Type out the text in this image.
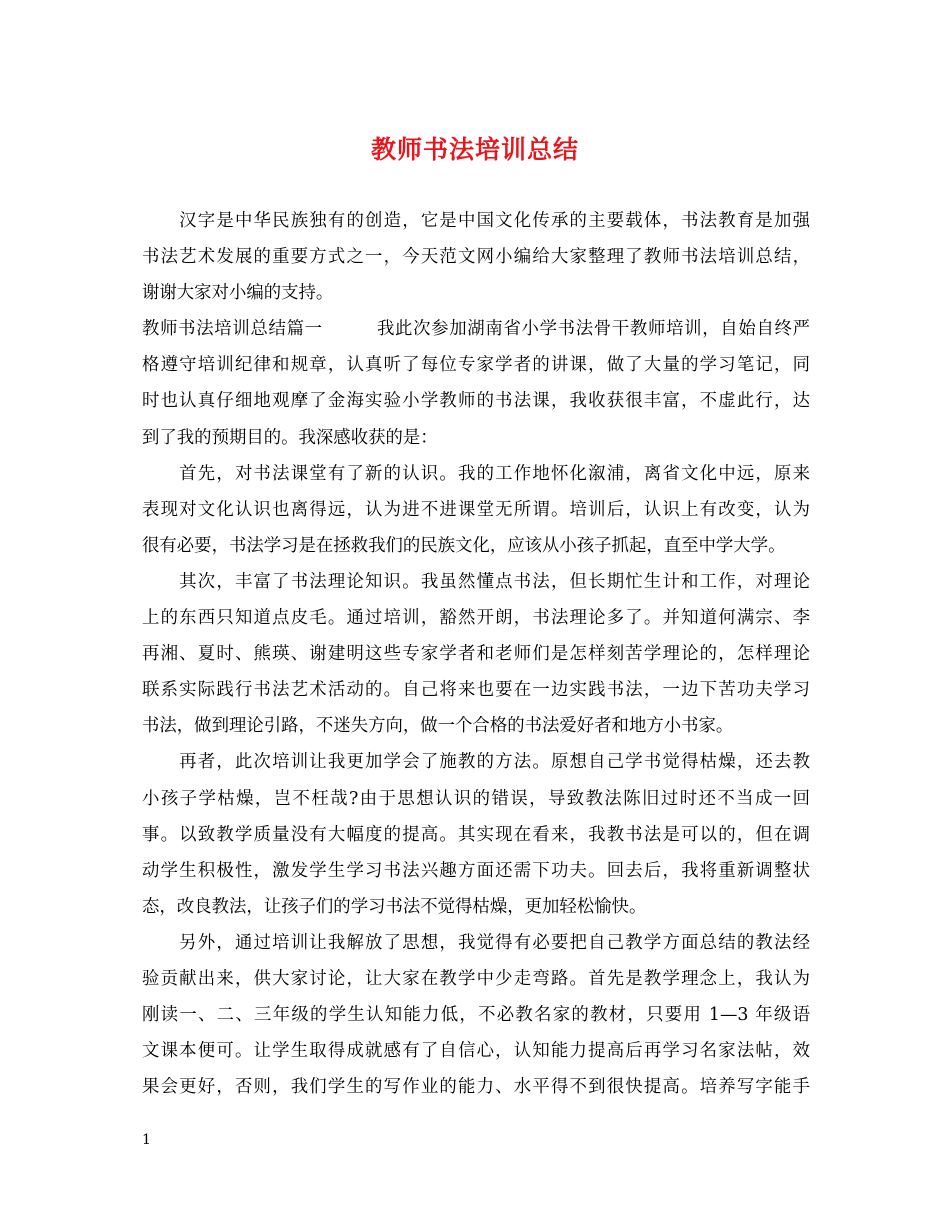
教师书法培训总结
　　汉字是中华民族独有的创造，它是中国文化传承的主要载体，书法教育是加强
书法艺术发展的重要方式之一，今天范文网小编给大家整理了教师书法培训总结，
谢谢大家对小编的支持。
教师书法培训总结篇一　　　我此次参加湖南省小学书法骨干教师培训，自始自终严
格遵守培训纪律和规章，认真听了每位专家学者的讲课，做了大量的学习笔记，同
时也认真仔细地观摩了金海实验小学教师的书法课，我收获很丰富，不虚此行，达
到了我的预期目的。我深感收获的是：
　　首先，对书法课堂有了新的认识。我的工作地怀化溆浦，离省文化中远，原来
表现对文化认识也离得远，认为进不进课堂无所谓。培训后，认识上有改变，认为
很有必要，书法学习是在拯救我们的民族文化，应该从小孩子抓起，直至中学大学。
　　其次，丰富了书法理论知识。我虽然懂点书法，但长期忙生计和工作，对理论
上的东西只知道点皮毛。通过培训，豁然开朗，书法理论多了。并知道何满宗、李
再湘、夏时、熊瑛、谢建明这些专家学者和老师们是怎样刻苦学理论的，怎样理论
联系实际践行书法艺术活动的。自己将来也要在一边实践书法，一边下苦功夫学习
书法，做到理论引路，不迷失方向，做一个合格的书法爱好者和地方小书家。
　　再者，此次培训让我更加学会了施教的方法。原想自己学书觉得枯燥，还去教
小孩子学枯燥，岂不枉哉?由于思想认识的错误，导致教法陈旧过时还不当成一回
事。以致教学质量没有大幅度的提高。其实现在看来，我教书法是可以的，但在调
动学生积极性，激发学生学习书法兴趣方面还需下功夫。回去后，我将重新调整状
态，改良教法，让孩子们的学习书法不觉得枯燥，更加轻松愉快。
　　另外，通过培训让我解放了思想，我觉得有必要把自己教学方面总结的教法经
验贡献出来，供大家讨论，让大家在教学中少走弯路。首先是教学理念上，我认为
刚读一、二、三年级的学生认知能力低，不必教名家的教材，只要用 1—3 年级语
文课本便可。让学生取得成就感有了自信心，认知能力提高后再学习名家法帖，效
果会更好，否则，我们学生的写作业的能力、水平得不到很快提高。培养写字能手
1
